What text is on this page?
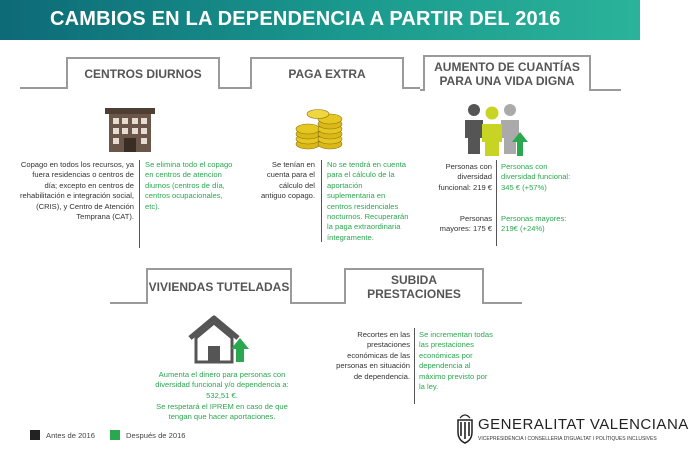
CAMBIOS EN LA DEPENDENCIA A PARTIR DEL 2016
CENTROS DIURNOS
Copago en todos los recursos, ya fuera residencias o centros de día; excepto en centros de rehabilitación e integración social, (CRIS), y Centro de Atención Temprana (CAT).
Se elimina todo el copago en centros de atencion diurnos (centros de día, centros ocupacionales, etc).
PAGA EXTRA
Se tenían en cuenta para el cálculo del antiguo copago.
No se tendrá en cuenta para el cálculo de la aportación suplementaria en centros residenciales nocturnos. Recuperarán la paga extraordinaria íntegramente.
AUMENTO DE CUANTÍAS
PARA UNA VIDA DIGNA
Personas con diversidad funcional: 219 €
Personas mayores: 175 €
Personas con diversidad funcional: 345 € (+57%)
Personas mayores: 219€ (+24%)
VIVIENDAS TUTELADAS
Aumenta el dinero para personas con diversidad funcional y/o dependencia a: 532,51 €.
Se respetará el IPREM en caso de que tengan que hacer aportaciones.
SUBIDA PRESTACIONES
Recortes en las prestaciones económicas de las personas en situación de dependencia.
Se incrementan todas las prestaciones económicas por dependencia al máximo previsto por la ley.
Antes de 2016	Después de 2016
GENERALITAT VALENCIANA
VICEPRESIDÈNCIA I CONSELLERIA D'IGUALTAT I POLÍTIQUES INCLUSIVES
